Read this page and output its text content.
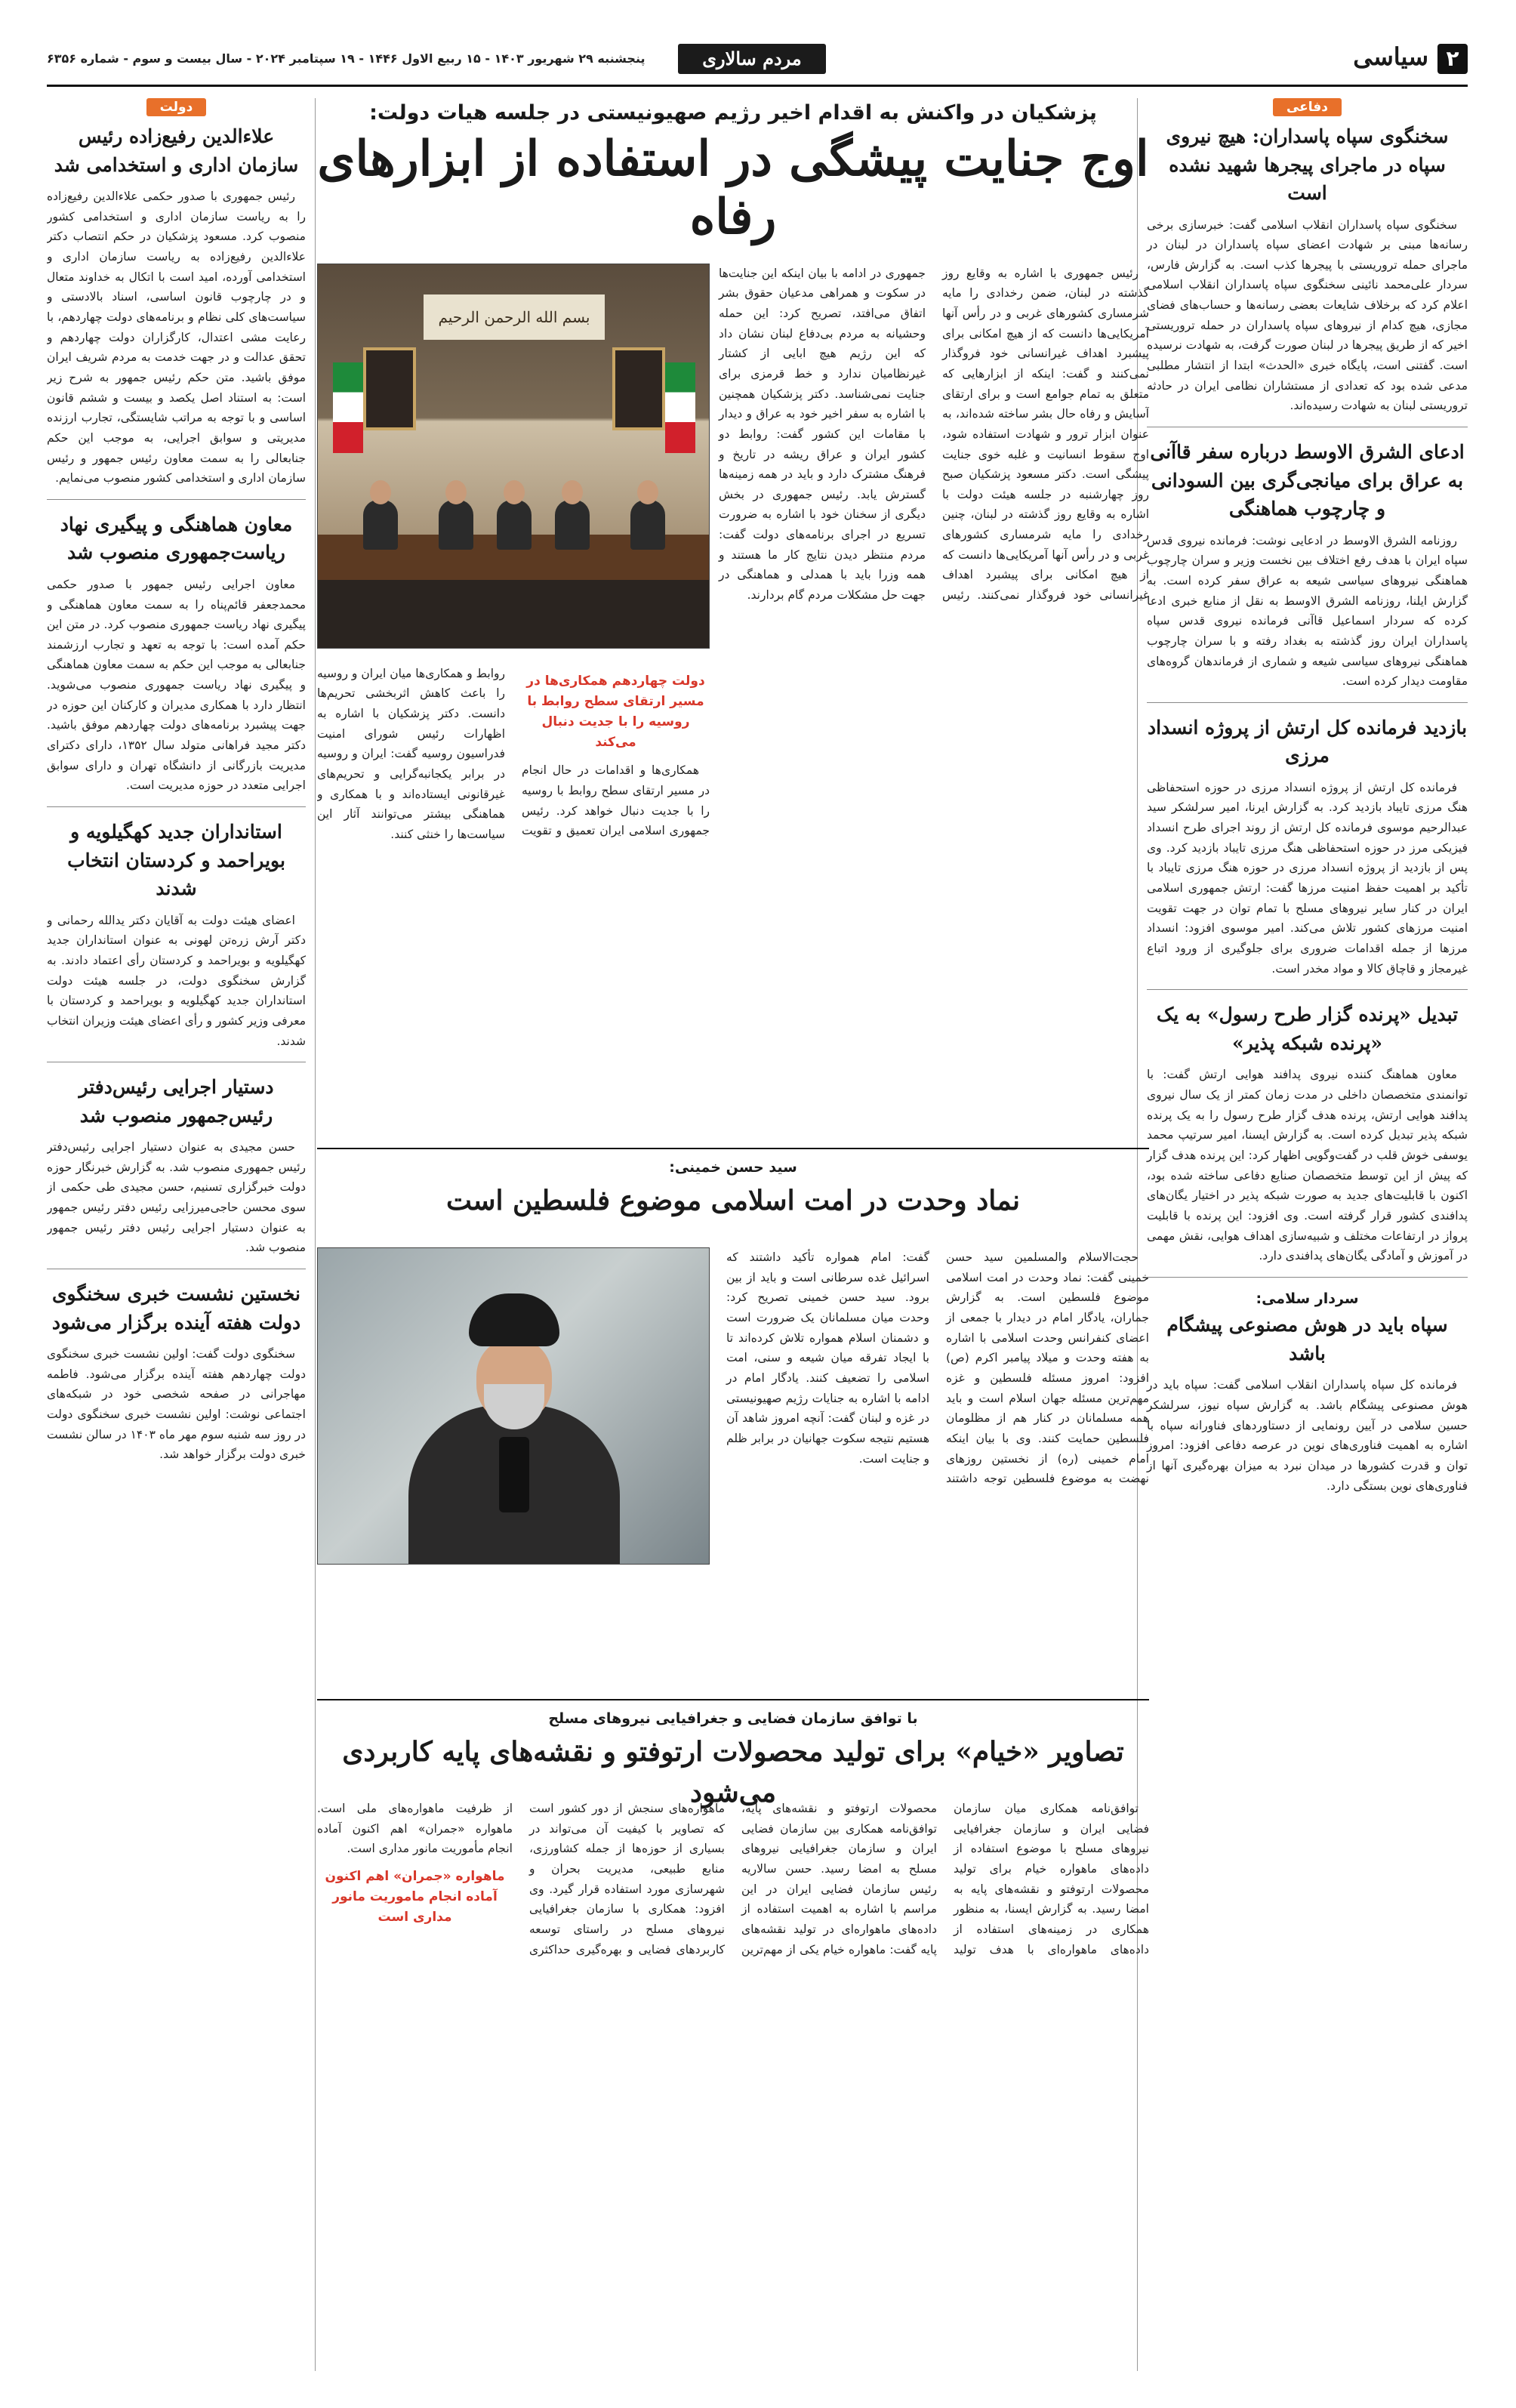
۲
سیاسی
مردم سالاری
پنجشنبه ۲۹ شهریور ۱۴۰۳ - ۱۵ ربیع الاول ۱۴۴۶ - ۱۹ سپتامبر ۲۰۲۴ - سال بیست و سوم - شماره ۶۳۵۶
دفاعی
سخنگوی سپاه پاسداران: هیچ نیروی سپاه در ماجرای پیجرها شهید نشده است

سخنگوی سپاه پاسداران انقلاب اسلامی گفت: خبرسازی برخی رسانه‌ها مبنی بر شهادت اعضای سپاه پاسداران در لبنان در ماجرای حمله تروریستی با پیجرها کذب است. به گزارش فارس، سردار علی‌محمد نائینی سخنگوی سپاه پاسداران انقلاب اسلامی اعلام کرد که برخلاف شایعات بعضی رسانه‌ها و حساب‌های فضای مجازی، هیچ کدام از نیروهای سپاه پاسداران در حمله تروریستی اخیر که از طریق پیجرها در لبنان صورت گرفت، به شهادت نرسیده است. گفتنی است، پایگاه خبری «الحدث» ابتدا از انتشار مطلبی مدعی شده بود که تعدادی از مستشاران نظامی ایران در حادثه تروریستی لبنان به شهادت رسیده‌اند.

ادعای الشرق الاوسط درباره سفر قاآنی به عراق برای میانجی‌گری بین السودانی و چارچوب هماهنگی

روزنامه الشرق الاوسط در ادعایی نوشت: فرمانده نیروی قدس سپاه ایران با هدف رفع اختلاف بین نخست وزیر و سران چارچوب هماهنگی نیروهای سیاسی شیعه به عراق سفر کرده است. به گزارش ایلنا، روزنامه الشرق الاوسط به نقل از منابع خبری ادعا کرده که سردار اسماعیل قاآنی فرمانده نیروی قدس سپاه پاسداران ایران روز گذشته به بغداد رفته و با سران چارچوب هماهنگی نیروهای سیاسی شیعه و شماری از فرماندهان گروه‌های مقاومت دیدار کرده است.

بازدید فرمانده کل ارتش از پروژه انسداد مرزی

فرمانده کل ارتش از پروژه انسداد مرزی در حوزه استحفاظی هنگ مرزی تایباد بازدید کرد. به گزارش ایرنا، امیر سرلشکر سید عبدالرحیم موسوی فرمانده کل ارتش از روند اجرای طرح انسداد فیزیکی مرز در حوزه استحفاظی هنگ مرزی تایباد بازدید کرد. وی پس از بازدید از پروژه انسداد مرزی در حوزه هنگ مرزی تایباد با تأکید بر اهمیت حفظ امنیت مرزها گفت: ارتش جمهوری اسلامی ایران در کنار سایر نیروهای مسلح با تمام توان در جهت تقویت امنیت مرزهای کشور تلاش می‌کند. امیر موسوی افزود: انسداد مرزها از جمله اقدامات ضروری برای جلوگیری از ورود اتباع غیرمجاز و قاچاق کالا و مواد مخدر است.

تبدیل «پرنده گزار طرح رسول» به یک «پرنده شبکه پذیر»

معاون هماهنگ کننده نیروی پدافند هوایی ارتش گفت: با توانمندی متخصصان داخلی در مدت زمان کمتر از یک سال نیروی پدافند هوایی ارتش، پرنده هدف گزار طرح رسول را به یک پرنده شبکه پذیر تبدیل کرده است. به گزارش ایسنا، امیر سرتیپ محمد یوسفی خوش قلب در گفت‌وگویی اظهار کرد: این پرنده هدف گزار که پیش از این توسط متخصصان صنایع دفاعی ساخته شده بود، اکنون با قابلیت‌های جدید به صورت شبکه پذیر در اختیار یگان‌های پدافندی کشور قرار گرفته است. وی افزود: این پرنده با قابلیت پرواز در ارتفاعات مختلف و شبیه‌سازی اهداف هوایی، نقش مهمی در آموزش و آمادگی یگان‌های پدافندی دارد.

سردار سلامی:
سپاه باید در هوش مصنوعی پیشگام باشد

فرمانده کل سپاه پاسداران انقلاب اسلامی گفت: سپاه باید در هوش مصنوعی پیشگام باشد. به گزارش سپاه نیوز، سرلشکر حسین سلامی در آیین رونمایی از دستاوردهای فناورانه سپاه با اشاره به اهمیت فناوری‌های نوین در عرصه دفاعی افزود: امروز توان و قدرت کشورها در میدان نبرد به میزان بهره‌گیری آنها از فناوری‌های نوین بستگی دارد.

دولت
علاءالدین رفیع‌زاده رئیس سازمان اداری و استخدامی شد

رئیس جمهوری با صدور حکمی علاءالدین رفیع‌زاده را به ریاست سازمان اداری و استخدامی کشور منصوب کرد. مسعود پزشکیان در حکم انتصاب دکتر علاءالدین رفیع‌زاده به ریاست سازمان اداری و استخدامی آورده، امید است با اتکال به خداوند متعال و در چارچوب قانون اساسی، اسناد بالادستی و سیاست‌های کلی نظام و برنامه‌های دولت چهاردهم، با رعایت مشی اعتدال، کارگزاران دولت چهاردهم و تحقق عدالت و در جهت خدمت به مردم شریف ایران موفق باشید. متن حکم رئیس جمهور به شرح زیر است: به استناد اصل یکصد و بیست و ششم قانون اساسی و با توجه به مراتب شایستگی، تجارب ارزنده مدیریتی و سوابق اجرایی، به موجب این حکم جنابعالی را به سمت معاون رئیس جمهور و رئیس سازمان اداری و استخدامی کشور منصوب می‌نمایم.

معاون هماهنگی و پیگیری نهاد ریاست‌جمهوری منصوب شد

معاون اجرایی رئیس جمهور با صدور حکمی محمدجعفر قائم‌پناه را به سمت معاون هماهنگی و پیگیری نهاد ریاست جمهوری منصوب کرد. در متن این حکم آمده است: با توجه به تعهد و تجارب ارزشمند جنابعالی به موجب این حکم به سمت معاون هماهنگی و پیگیری نهاد ریاست جمهوری منصوب می‌شوید. انتظار دارد با همکاری مدیران و کارکنان این حوزه در جهت پیشبرد برنامه‌های دولت چهاردهم موفق باشید. دکتر مجید فراهانی متولد سال ۱۳۵۲، دارای دکترای مدیریت بازرگانی از دانشگاه تهران و دارای سوابق اجرایی متعدد در حوزه مدیریت است.

استانداران جدید کهگیلویه و بویراحمد و کردستان انتخاب شدند

اعضای هیئت دولت به آقایان دکتر یدالله رحمانی و دکتر آرش زره‌تن لهونی به عنوان استانداران جدید کهگیلویه و بویراحمد و کردستان رأی اعتماد دادند. به گزارش سخنگوی دولت، در جلسه هیئت دولت استانداران جدید کهگیلویه و بویراحمد و کردستان با معرفی وزیر کشور و رأی اعضای هیئت وزیران انتخاب شدند.

دستیار اجرایی رئیس‌دفتر رئیس‌جمهور منصوب شد

حسن مجیدی به عنوان دستیار اجرایی رئیس‌دفتر رئیس جمهوری منصوب شد. به گزارش خبرنگار حوزه دولت خبرگزاری تسنیم، حسن مجیدی طی حکمی از سوی محسن حاجی‌میرزایی رئیس دفتر رئیس جمهور به عنوان دستیار اجرایی رئیس دفتر رئیس جمهور منصوب شد.

نخستین نشست خبری سخنگوی دولت هفته آینده برگزار می‌شود

سخنگوی دولت گفت: اولین نشست خبری سخنگوی دولت چهاردهم هفته آینده برگزار می‌شود. فاطمه مهاجرانی در صفحه شخصی خود در شبکه‌های اجتماعی نوشت: اولین نشست خبری سخنگوی دولت در روز سه شنبه سوم مهر ماه ۱۴۰۳ در سالن نشست خبری دولت برگزار خواهد شد.

پزشکیان در واکنش به اقدام اخیر رژیم صهیونیستی در جلسه هیات دولت:
اوج جنایت پیشگی در استفاده از ابزارهای رفاه
بسم الله الرحمن الرحیم

رئیس جمهوری با اشاره به وقایع روز گذشته در لبنان، ضمن رخدادی را مایه شرمساری کشورهای غربی و در رأس آنها آمریکایی‌ها دانست که از هیچ امکانی برای پیشبرد اهداف غیرانسانی خود فروگذار نمی‌کنند و گفت: اینکه از ابزارهایی که متعلق به تمام جوامع است و برای ارتقای آسایش و رفاه حال بشر ساخته شده‌اند، به عنوان ابزار ترور و شهادت استفاده شود، اوج سقوط انسانیت و غلبه خوی جنایت پیشگی است. دکتر مسعود پزشکیان صبح روز چهارشنبه در جلسه هیئت دولت با اشاره به وقایع روز گذشته در لبنان، چنین رخدادی را مایه شرمساری کشورهای غربی و در رأس آنها آمریکایی‌ها دانست که از هیچ امکانی برای پیشبرد اهداف غیرانسانی خود فروگذار نمی‌کنند. رئیس جمهوری در ادامه با بیان اینکه این جنایت‌ها در سکوت و همراهی مدعیان حقوق بشر اتفاق می‌افتد، تصریح کرد: این حمله وحشیانه به مردم بی‌دفاع لبنان نشان داد که این رژیم هیچ ابایی از کشتار غیرنظامیان ندارد و خط قرمزی برای جنایت نمی‌شناسد. دکتر پزشکیان همچنین با اشاره به سفر اخیر خود به عراق و دیدار با مقامات این کشور گفت: روابط دو کشور ایران و عراق ریشه در تاریخ و فرهنگ مشترک دارد و باید در همه زمینه‌ها گسترش یابد. رئیس جمهوری در بخش دیگری از سخنان خود با اشاره به ضرورت تسریع در اجرای برنامه‌های دولت گفت: مردم منتظر دیدن نتایج کار ما هستند و همه وزرا باید با همدلی و هماهنگی در جهت حل مشکلات مردم گام بردارند.

دولت چهاردهم همکاری‌ها در مسیر ارتقای سطح روابط با روسیه را با جدیت دنبال می‌کند

همکاری‌ها و اقدامات در حال انجام در مسیر ارتقای سطح روابط با روسیه را با جدیت دنبال خواهد کرد. رئیس جمهوری اسلامی ایران تعمیق و تقویت روابط و همکاری‌ها میان ایران و روسیه را باعث کاهش اثربخشی تحریم‌ها دانست. دکتر پزشکیان با اشاره به اظهارات رئیس شورای امنیت فدراسیون روسیه گفت: ایران و روسیه در برابر یکجانبه‌گرایی و تحریم‌های غیرقانونی ایستاده‌اند و با همکاری و هماهنگی بیشتر می‌توانند آثار این سیاست‌ها را خنثی کنند.

سید حسن خمینی:
نماد وحدت در امت اسلامی موضوع فلسطین است

حجت‌الاسلام والمسلمین سید حسن خمینی گفت: نماد وحدت در امت اسلامی موضوع فلسطین است. به گزارش جماران، یادگار امام در دیدار با جمعی از اعضای کنفرانس وحدت اسلامی با اشاره به هفته وحدت و میلاد پیامبر اکرم (ص) افزود: امروز مسئله فلسطین و غزه مهم‌ترین مسئله جهان اسلام است و باید همه مسلمانان در کنار هم از مظلومان فلسطین حمایت کنند. وی با بیان اینکه امام خمینی (ره) از نخستین روزهای نهضت به موضوع فلسطین توجه داشتند گفت: امام همواره تأکید داشتند که اسرائیل غده سرطانی است و باید از بین برود. سید حسن خمینی تصریح کرد: وحدت میان مسلمانان یک ضرورت است و دشمنان اسلام همواره تلاش کرده‌اند تا با ایجاد تفرقه میان شیعه و سنی، امت اسلامی را تضعیف کنند. یادگار امام در ادامه با اشاره به جنایات رژیم صهیونیستی در غزه و لبنان گفت: آنچه امروز شاهد آن هستیم نتیجه سکوت جهانیان در برابر ظلم و جنایت است.

با توافق سازمان فضایی و جغرافیایی نیروهای مسلح
تصاویر «خیام» برای تولید محصولات ارتوفتو و نقشه‌های پایه کاربردی می‌شود

توافق‌نامه همکاری میان سازمان فضایی ایران و سازمان جغرافیایی نیروهای مسلح با موضوع استفاده از داده‌های ماهواره خیام برای تولید محصولات ارتوفتو و نقشه‌های پایه به امضا رسید. به گزارش ایسنا، به منظور همکاری در زمینه‌های استفاده از داده‌های ماهواره‌ای با هدف تولید محصولات ارتوفتو و نقشه‌های پایه، توافق‌نامه همکاری بین سازمان فضایی ایران و سازمان جغرافیایی نیروهای مسلح به امضا رسید. حسن سالاریه رئیس سازمان فضایی ایران در این مراسم با اشاره به اهمیت استفاده از داده‌های ماهواره‌ای در تولید نقشه‌های پایه گفت: ماهواره خیام یکی از مهم‌ترین ماهواره‌های سنجش از دور کشور است که تصاویر با کیفیت آن می‌تواند در بسیاری از حوزه‌ها از جمله کشاورزی، منابع طبیعی، مدیریت بحران و شهرسازی مورد استفاده قرار گیرد. وی افزود: همکاری با سازمان جغرافیایی نیروهای مسلح در راستای توسعه کاربردهای فضایی و بهره‌گیری حداکثری از ظرفیت ماهواره‌های ملی است. ماهواره «جمران» اهم اکنون آماده انجام مأموریت مانور مداری است.

ماهواره «جمران» اهم اکنون آماده انجام ماموریت مانور مداری است
